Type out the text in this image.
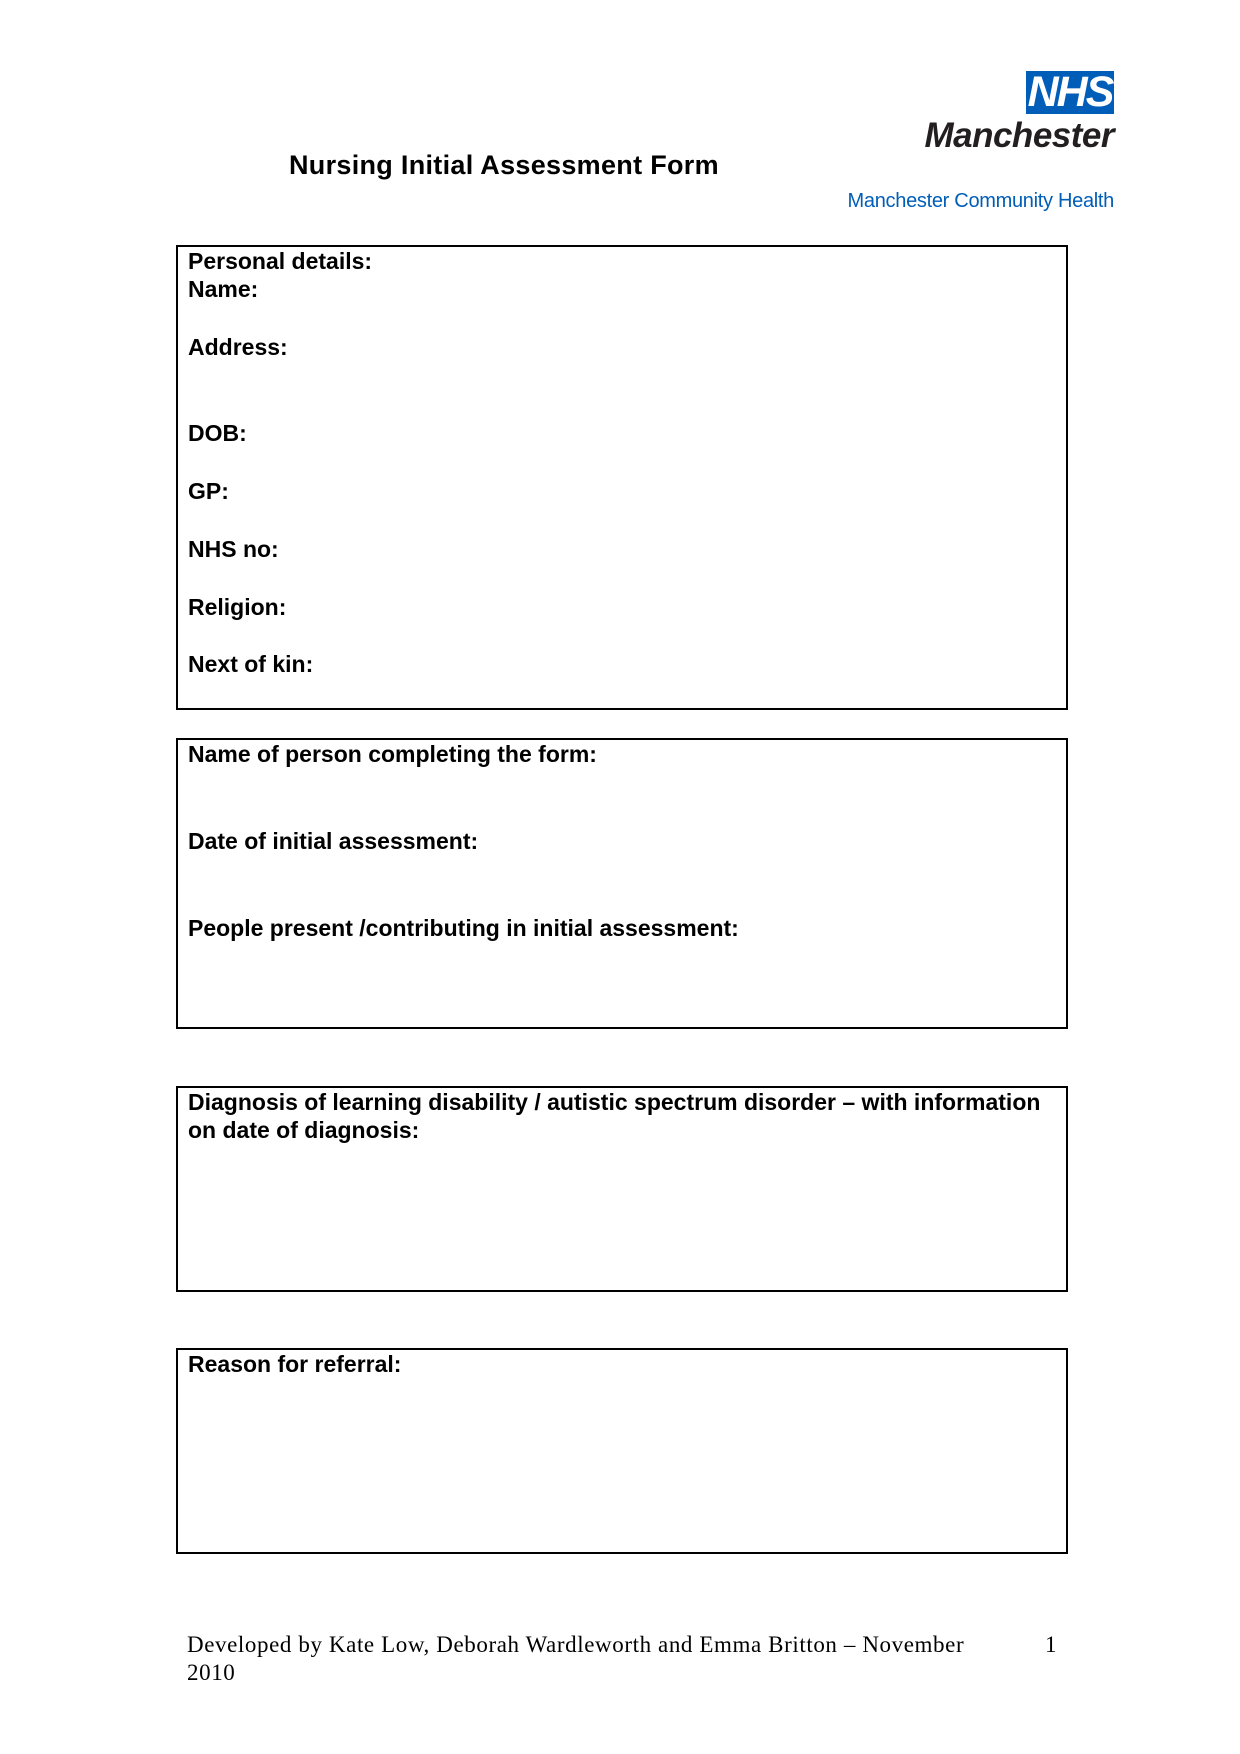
Nursing Initial Assessment Form
NHS
Manchester
Manchester Community Health
Personal details:
Name:
Address:
DOB:
GP:
NHS no:
Religion:
Next of kin:
Name of person completing the form:
Date of initial assessment:
People present /contributing in initial assessment:
Diagnosis of learning disability / autistic spectrum disorder – with information on date of diagnosis:
Reason for referral:
Developed by Kate Low, Deborah Wardleworth and Emma Britton – November 2010
1
